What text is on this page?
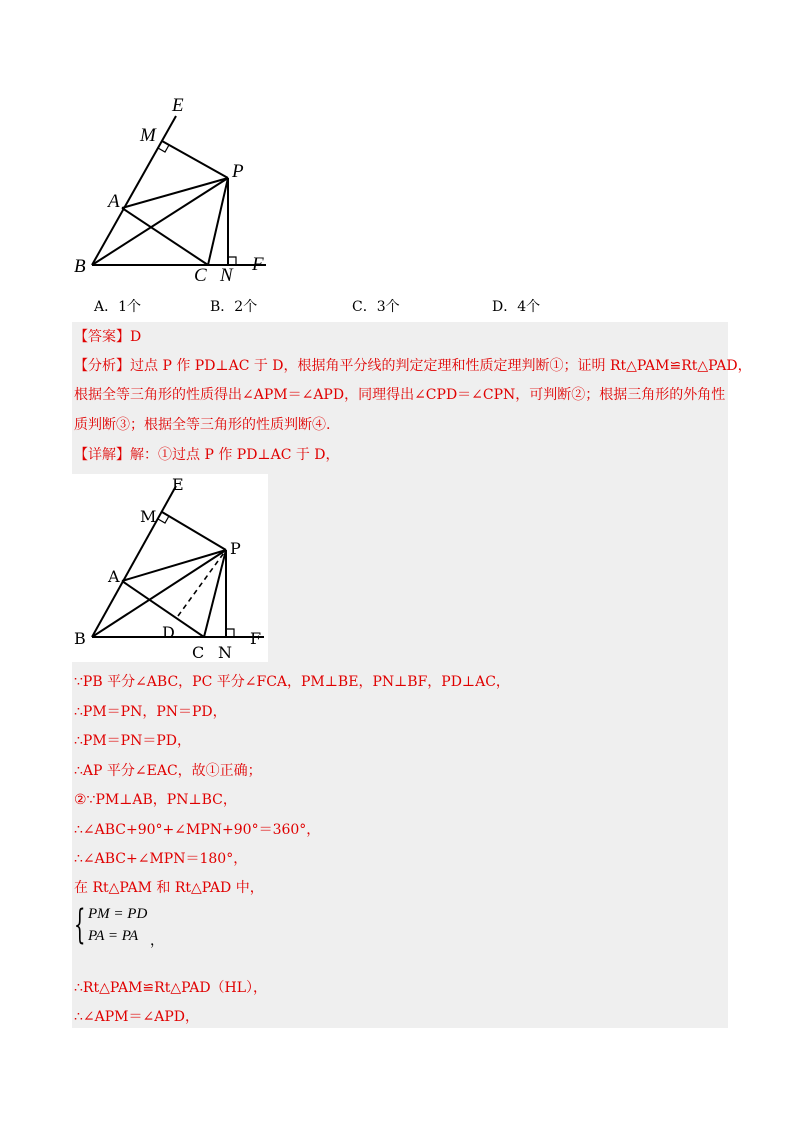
E
M
P
A
B	C N
F
A．1个	B．2个	C．3个	D．4个
【答案】D
【分析】过点 P 作 PD⊥AC 于 D，根据角平分线的判定定理和性质定理判断①；证明 Rt△PAM≌Rt△PAD，
根据全等三角形的性质得出∠APM＝∠APD，同理得出∠CPD＝∠CPN，可判断②；根据三角形的外角性
质判断③；根据全等三角形的性质判断④.
【详解】解：①过点 P 作 PD⊥AC 于 D，
E
M
P
A
B	D
C N
F
∵PB 平分∠ABC，PC 平分∠FCA，PM⊥BE，PN⊥BF，PD⊥AC，
∴PM＝PN，PN＝PD，
∴PM＝PN＝PD，
∴AP 平分∠EAC，故①正确；
②∵PM⊥AB，PN⊥BC，
∴∠ABC+90°+∠MPN+90°＝360°，
∴∠ABC+∠MPN＝180°，
在 Rt△PAM 和 Rt△PAD 中，
{ PM = PD
PA = PA ，
∴Rt△PAM≌Rt△PAD（HL），
∴∠APM＝∠APD，
